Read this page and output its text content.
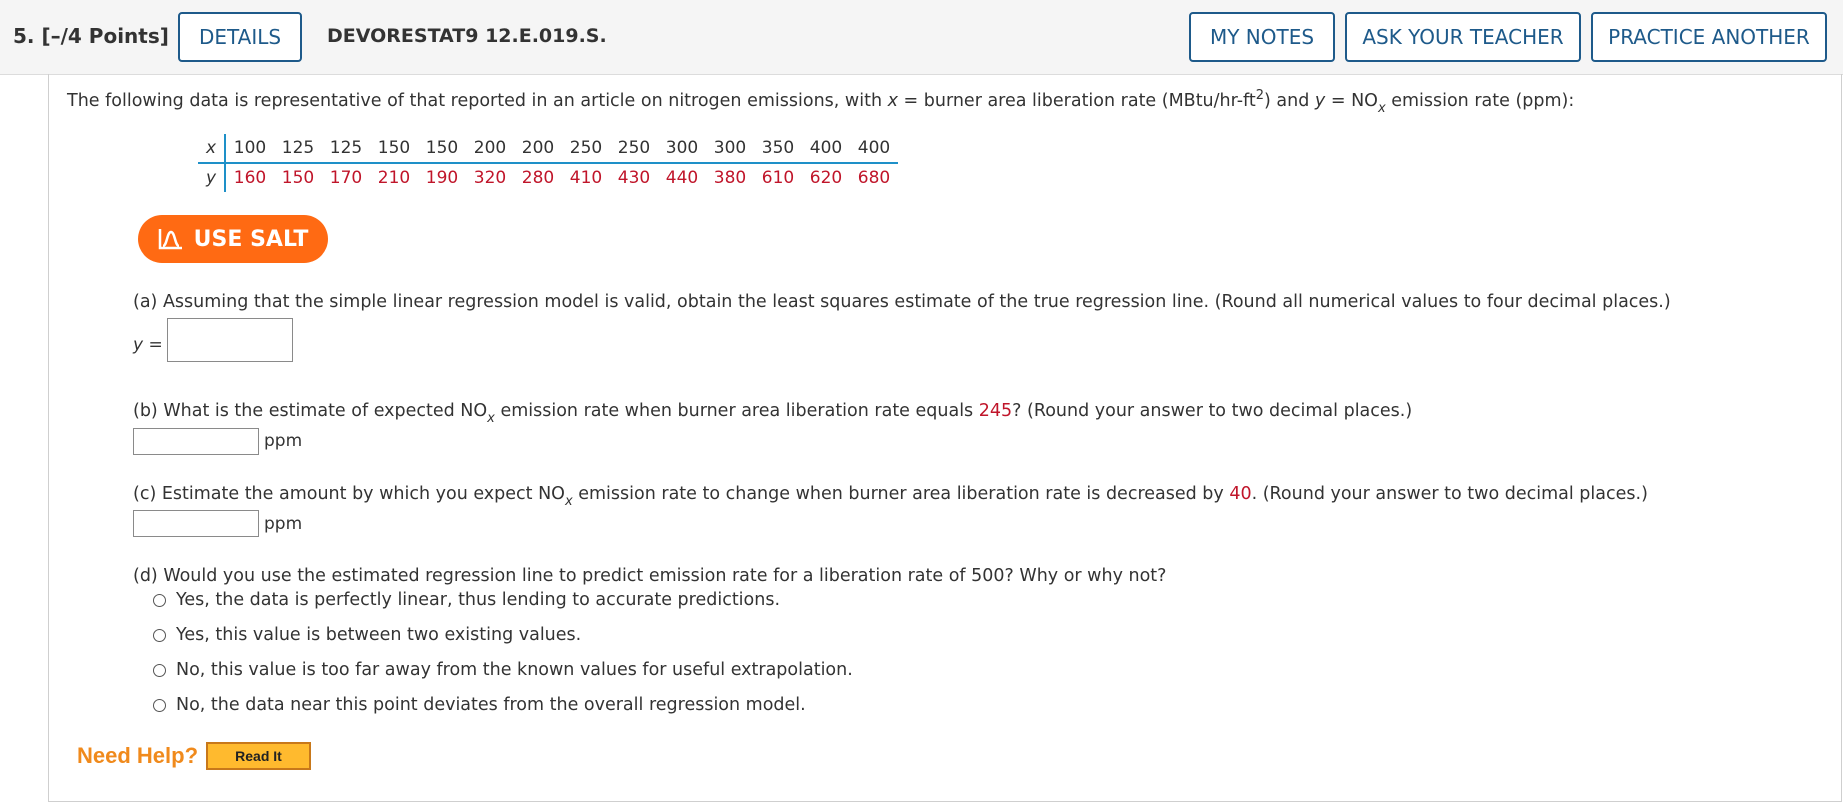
5. [–/4 Points]	DETAILS	DEVORESTAT9 12.E.019.S.	MY NOTES	ASK YOUR TEACHER	PRACTICE ANOTHER
The following data is representative of that reported in an article on nitrogen emissions, with x = burner area liberation rate $(MBtu/hr-ft^2)$ and $y = NO_x$ emission rate (ppm):
x	100	125	125	150	150	200	200	250	250	300	300	350	400	400
y	160	150	170	210	190	320	280	410	430	440	380	610	620	680
USE SALT
(a) Assuming that the simple linear regression model is valid, obtain the least squares estimate of the true regression line. (Round all numerical values to four decimal places.)
y =
(b) What is the estimate of expected $NO_x$ emission rate when burner area liberation rate equals 245? (Round your answer to two decimal places.)
ppm
(c) Estimate the amount by which you expect $NO_x$ emission rate to change when burner area liberation rate is decreased by 40. (Round your answer to two decimal places.)
ppm
(d) Would you use the estimated regression line to predict emission rate for a liberation rate of 500? Why or why not?
Yes, the data is perfectly linear, thus lending to accurate predictions.
Yes, this value is between two existing values.
No, this value is too far away from the known values for useful extrapolation.
No, the data near this point deviates from the overall regression model.
Need Help?	Read It
